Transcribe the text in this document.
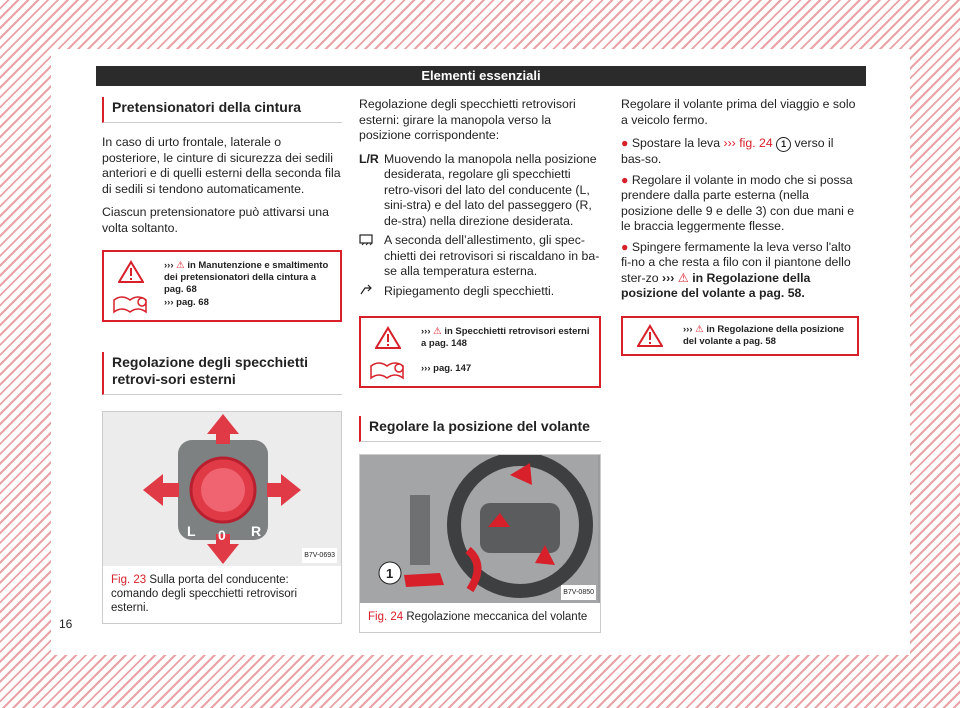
Elementi essenziali
Pretensionatori della cintura

In caso di urto frontale, laterale o posteriore, le cinture di sicurezza dei sedili anteriori e di quelli esterni della seconda fila di sedili si tendono automaticamente.

Ciascun pretensionatore può attivarsi una volta soltanto.

››› ⚠ in Manutenzione e smaltimento dei pretensionatori della cintura a pag. 68
››› pag. 68
Regolazione degli specchietti retrovi-sori esterni
L 0 R
B7V-0693
Fig. 23 Sulla porta del conducente: comando degli specchietti retrovisori esterni.

Regolazione degli specchietti retrovisori esterni: girare la manopola verso la posizione corrispondente:

L/R Muovendo la manopola nella posizione desiderata, regolare gli specchietti retro-visori del lato del conducente (L, sini-stra) e del lato del passeggero (R, de-stra) nella direzione desiderata.
A seconda dell’allestimento, gli spec-chietti dei retrovisori si riscaldano in ba-se alla temperatura esterna.
Ripiegamento degli specchietti.
››› ⚠ in Specchietti retrovisori esterni a pag. 148
››› pag. 147
Regolare la posizione del volante
1
B7V-0850
Fig. 24 Regolazione meccanica del volante

Regolare il volante prima del viaggio e solo a veicolo fermo.

● Spostare la leva ››› fig. 24 1 verso il bas-so.
● Regolare il volante in modo che si possa prendere dalla parte esterna (nella posizione delle 9 e delle 3) con due mani e le braccia leggermente flesse.
● Spingere fermamente la leva verso l'alto fi-no a che resta a filo con il piantone dello ster-zo ››› ⚠ in Regolazione della posizione del volante a pag. 58.
››› ⚠ in Regolazione della posizione del volante a pag. 58
16
